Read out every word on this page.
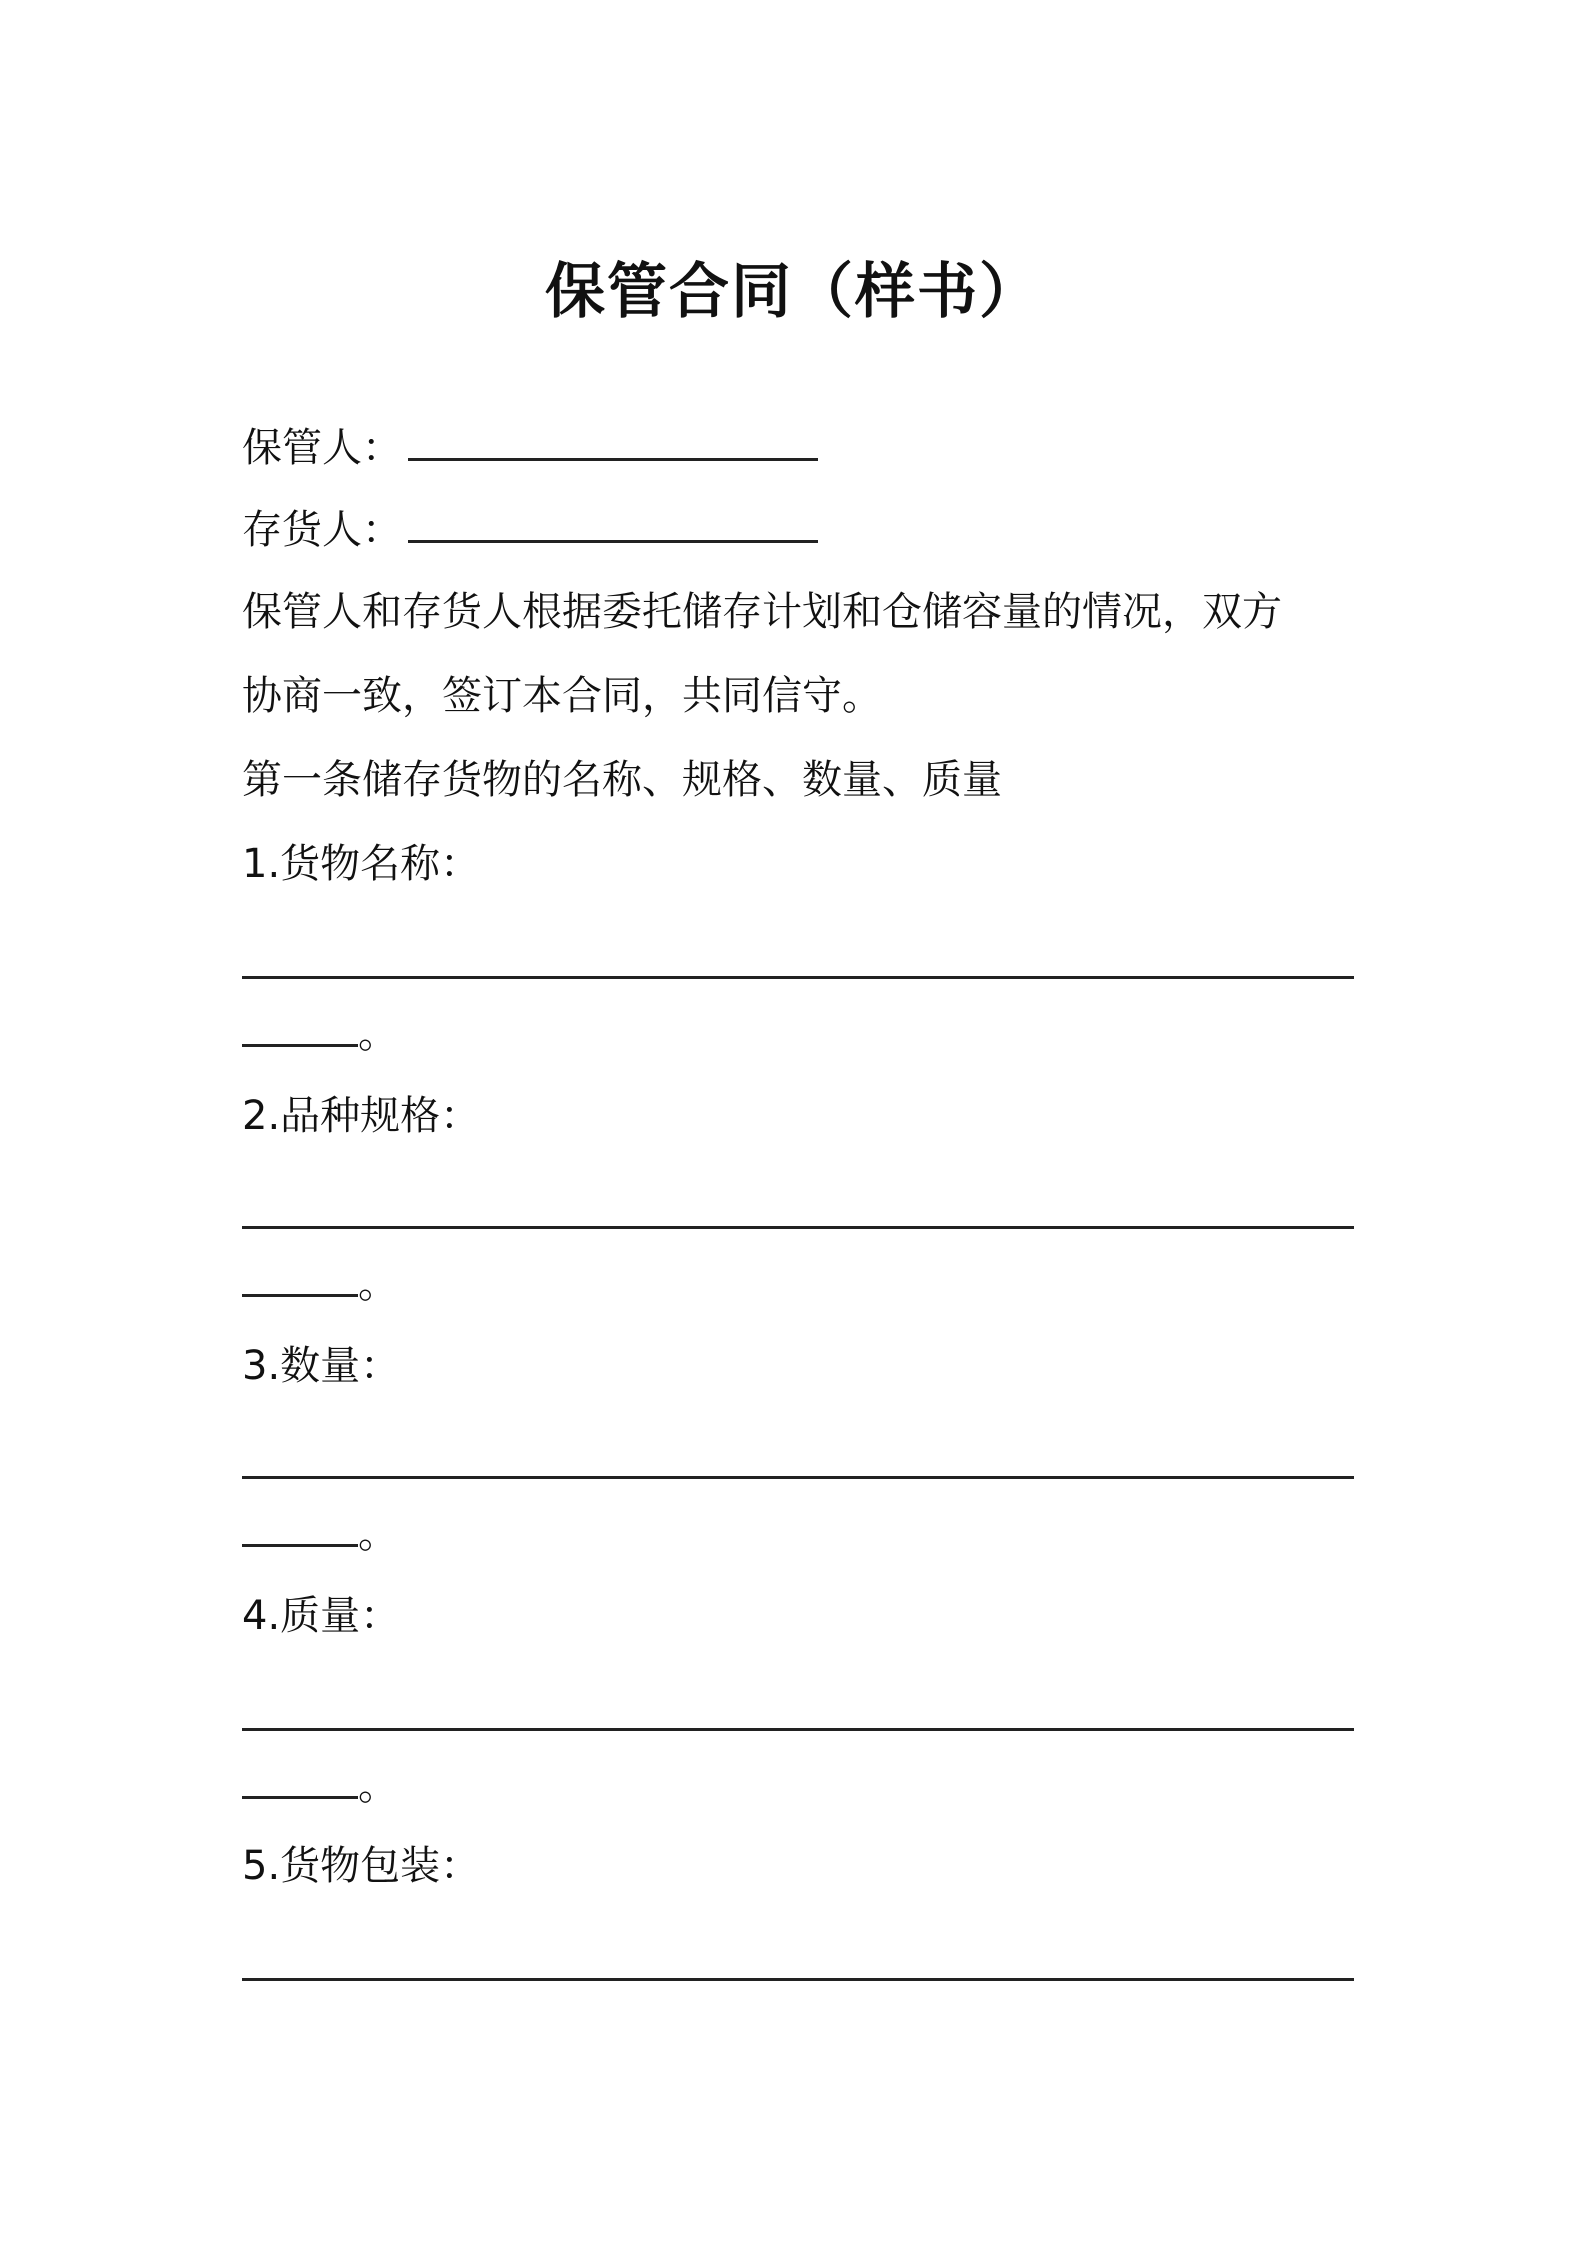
保管合同（样书）
保管人：
存货人：
保管人和存货人根据委托储存计划和仓储容量的情况，双方
协商一致，签订本合同，共同信守。
第一条储存货物的名称、规格、数量、质量
1.货物名称：
。
2.品种规格：
。
3.数量：
。
4.质量：
。
5.货物包装：
